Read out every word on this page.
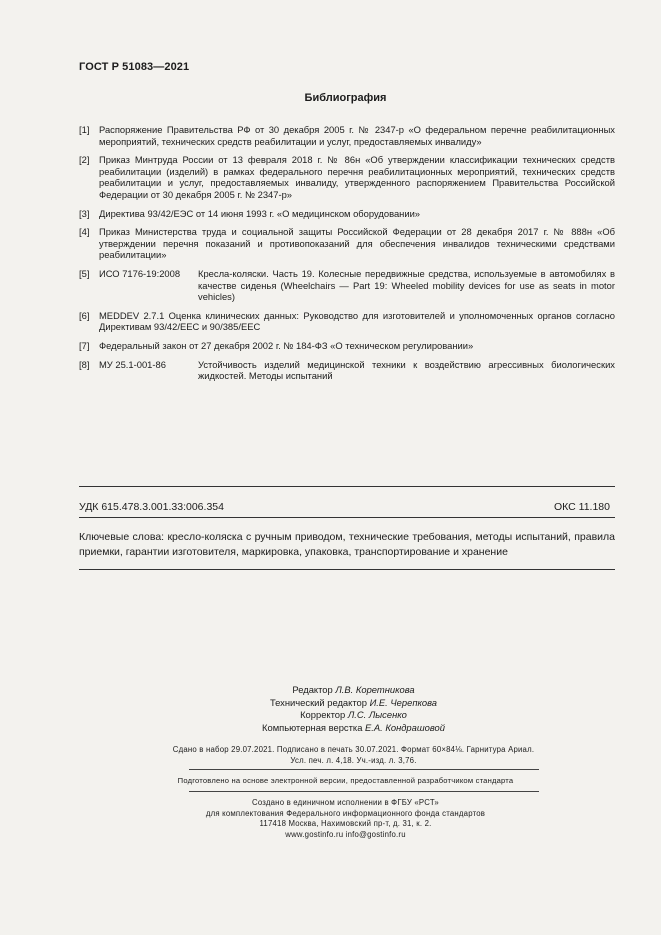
ГОСТ Р 51083—2021
Библиография
[1]	Распоряжение Правительства РФ от 30 декабря 2005 г. № 2347-р «О федеральном перечне реабилитационных мероприятий, технических средств реабилитации и услуг, предоставляемых инвалиду»
[2]	Приказ Минтруда России от 13 февраля 2018 г. № 86н «Об утверждении классификации технических средств реабилитации (изделий) в рамках федерального перечня реабилитационных мероприятий, технических средств реабилитации и услуг, предоставляемых инвалиду, утвержденного распоряжением Правительства Российской Федерации от 30 декабря 2005 г. № 2347-р»
[3]	Директива 93/42/ЕЭС от 14 июня 1993 г. «О медицинском оборудовании»
[4]	Приказ Министерства труда и социальной защиты Российской Федерации от 28 декабря 2017 г. № 888н «Об утверждении перечня показаний и противопоказаний для обеспечения инвалидов техническими средствами реабилитации»
[5]	ИСО 7176-19:2008	Кресла-коляски. Часть 19. Колесные передвижные средства, используемые в автомобилях в качестве сиденья (Wheelchairs — Part 19: Wheeled mobility devices for use as seats in motor vehicles)
[6]	MEDDEV 2.7.1 Оценка клинических данных: Руководство для изготовителей и уполномоченных органов согласно Директивам 93/42/EEC и 90/385/EEC
[7]	Федеральный закон от 27 декабря 2002 г. № 184-ФЗ «О техническом регулировании»
[8]	МУ 25.1-001-86	Устойчивость изделий медицинской техники к воздействию агрессивных биологических жидкостей. Методы испытаний
УДК 615.478.3.001.33:006.354	ОКС 11.180
Ключевые слова: кресло-коляска с ручным приводом, технические требования, методы испытаний, правила приемки, гарантии изготовителя, маркировка, упаковка, транспортирование и хранение
Редактор Л.В. Коретникова
Технический редактор И.Е. Черепкова
Корректор Л.С. Лысенко
Компьютерная верстка Е.А. Кондрашовой
Сдано в набор 29.07.2021. Подписано в печать 30.07.2021. Формат 60×84⅛. Гарнитура Ариал.
Усл. печ. л. 4,18. Уч.-изд. л. 3,76.
Подготовлено на основе электронной версии, предоставленной разработчиком стандарта
Создано в единичном исполнении в ФГБУ «РСТ»
для комплектования Федерального информационного фонда стандартов
117418 Москва, Нахимовский пр-т, д. 31, к. 2.
www.gostinfo.ru info@gostinfo.ru
